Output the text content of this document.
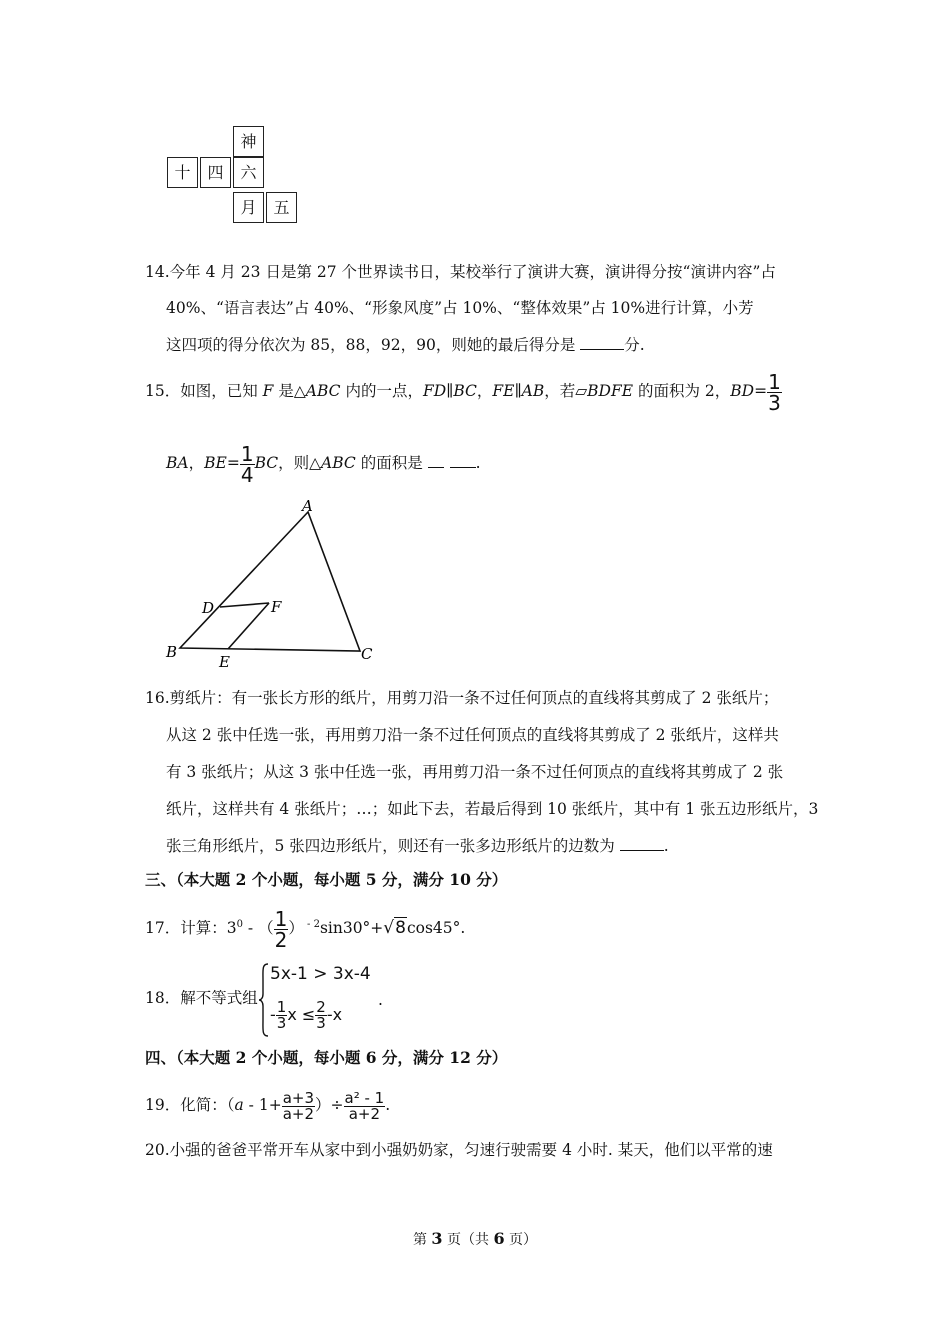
神
十	四	六
月	五
14.今年 4 月 23 日是第 27 个世界读书日，某校举行了演讲大赛，演讲得分按“演讲内容”占
40%、“语言表达”占 40%、“形象风度”占 10%、“整体效果”占 10%进行计算，小芳
这四项的得分依次为 85，88，92，90，则她的最后得分是	分.
15．如图，已知 F 是△ABC 内的一点，FD∥BC，FE∥AB，若▱BDFE 的面积为 2，$BD= \frac{1}{3}$
BA，$BE= \frac{1}{4}$ BC，则△ABC 的面积是	.
A
B	C
D
E
F
16.剪纸片：有一张长方形的纸片，用剪刀沿一条不过任何顶点的直线将其剪成了 2 张纸片；
从这 2 张中任选一张，再用剪刀沿一条不过任何顶点的直线将其剪成了 2 张纸片，这样共
有 3 张纸片；从这 3 张中任选一张，再用剪刀沿一条不过任何顶点的直线将其剪成了 2 张
纸片，这样共有 4 张纸片；…；如此下去，若最后得到 10 张纸片，其中有 1 张五边形纸片，3
张三角形纸片，5 张四边形纸片，则还有一张多边形纸片的边数为	.
三、（本大题 2 个小题，每小题 5 分，满分 10 分）
17．计算：$3^0$ - （ $\frac{1}{2}$ ） $^{- 2}$sin30°+√8cos45°.
18．解不等式组
5x-1 > 3x-4
- $\frac{1}{3}$ $x \le \frac{2}{3} -x$
.
四、（本大题 2 个小题，每小题 6 分，满分 12 分）
19．化简：（$a - 1+ \frac{a+3}{a+2}$ ）÷ $\frac{\text{a² - 1}}{a+2}$ .
20.小强的爸爸平常开车从家中到小强奶奶家，匀速行驶需要 4 小时. 某天，他们以平常的速
第 3 页（共 6 页）
